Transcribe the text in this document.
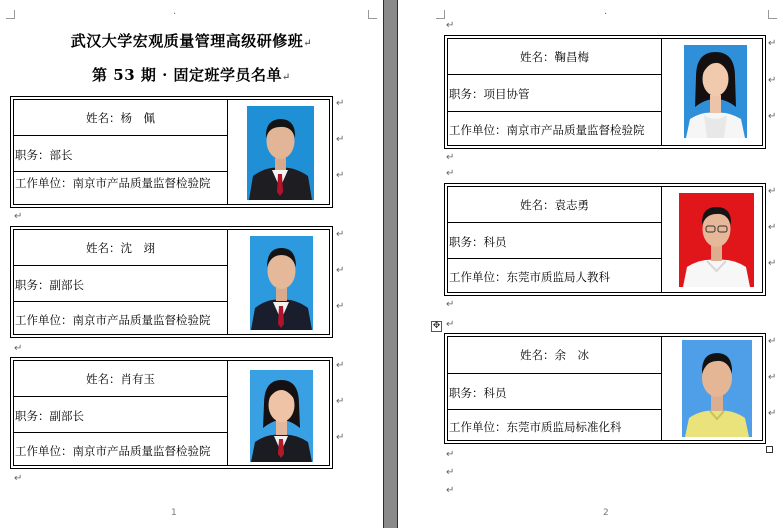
·
武汉大学宏观质量管理高级研修班↵
第 53 期 · 固定班学员名单↵
姓名：杨　佩
职务：部长
工作单位：南京市产品质量监督检验院
↵
↵
↵
↵
姓名：沈　翊
职务：副部长
工作单位：南京市产品质量监督检验院
↵
↵
↵
↵
姓名：肖有玉
职务：副部长
工作单位：南京市产品质量监督检验院
↵
↵
↵
↵
1
·
↵
姓名：鞠昌梅
职务：项目协管
工作单位：南京市产品质量监督检验院
↵
↵
↵
↵
↵
姓名：袁志勇
职务：科员
工作单位：东莞市质监局人教科
↵
↵
↵
↵
✥ ↵
姓名：余　冰
职务：科员
工作单位：东莞市质监局标准化科
↵
↵
↵
↵
↵
↵
2
